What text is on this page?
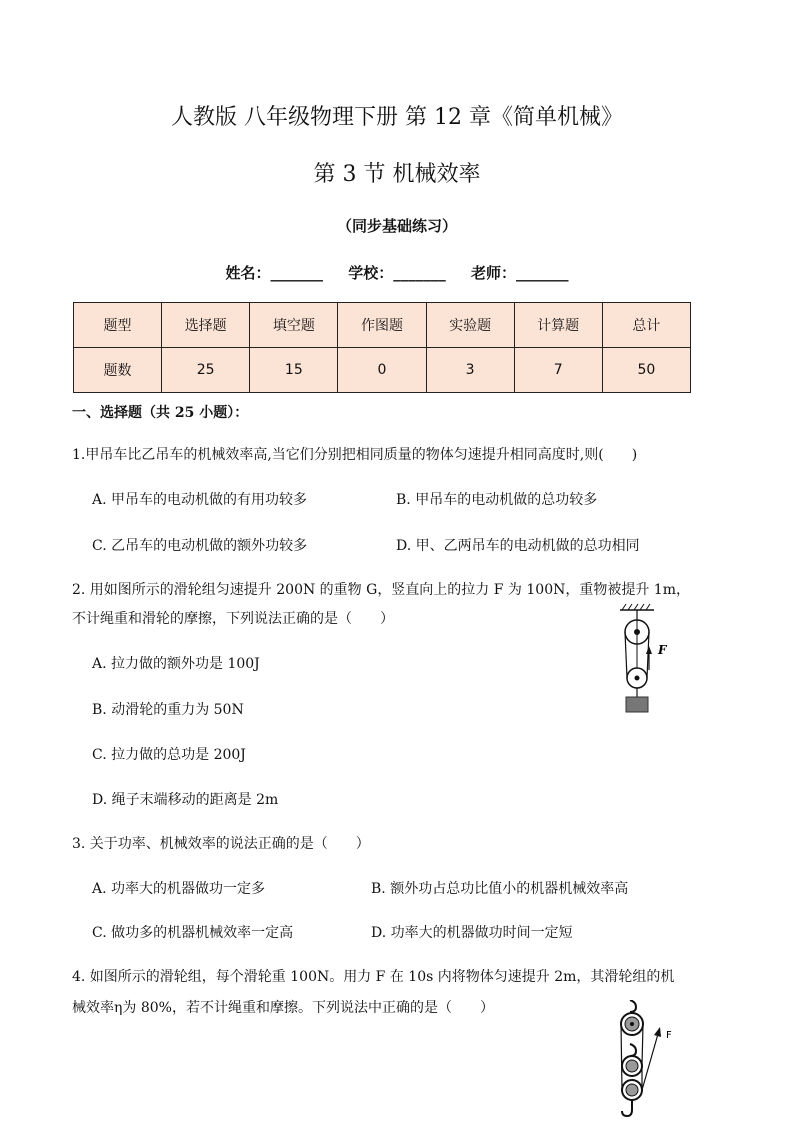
人教版 八年级物理下册 第 12 章《简单机械》
第 3 节 机械效率
（同步基础练习）
姓名：_______ 学校：_______ 老师：_______
题型	选择题	填空题	作图题	实验题	计算题	总计
题数	25	15	0	3	7	50
一、选择题（共 25 小题）：
1.甲吊车比乙吊车的机械效率高,当它们分别把相同质量的物体匀速提升相同高度时,则(　　)
A. 甲吊车的电动机做的有用功较多	B. 甲吊车的电动机做的总功较多
C. 乙吊车的电动机做的额外功较多	D. 甲、乙两吊车的电动机做的总功相同
2. 用如图所示的滑轮组匀速提升 200N 的重物 G，竖直向上的拉力 F 为 100N，重物被提升 1m，
不计绳重和滑轮的摩擦，下列说法正确的是（　　）
A. 拉力做的额外功是 100J
B. 动滑轮的重力为 50N
C. 拉力做的总功是 200J
D. 绳子末端移动的距离是 2m
F
3. 关于功率、机械效率的说法正确的是（　　）
A. 功率大的机器做功一定多	B. 额外功占总功比值小的机器机械效率高
C. 做功多的机器机械效率一定高	D. 功率大的机器做功时间一定短
4. 如图所示的滑轮组，每个滑轮重 100N。用力 F 在 10s 内将物体匀速提升 2m，其滑轮组的机
械效率η为 80%，若不计绳重和摩擦。下列说法中正确的是（　　）
F
